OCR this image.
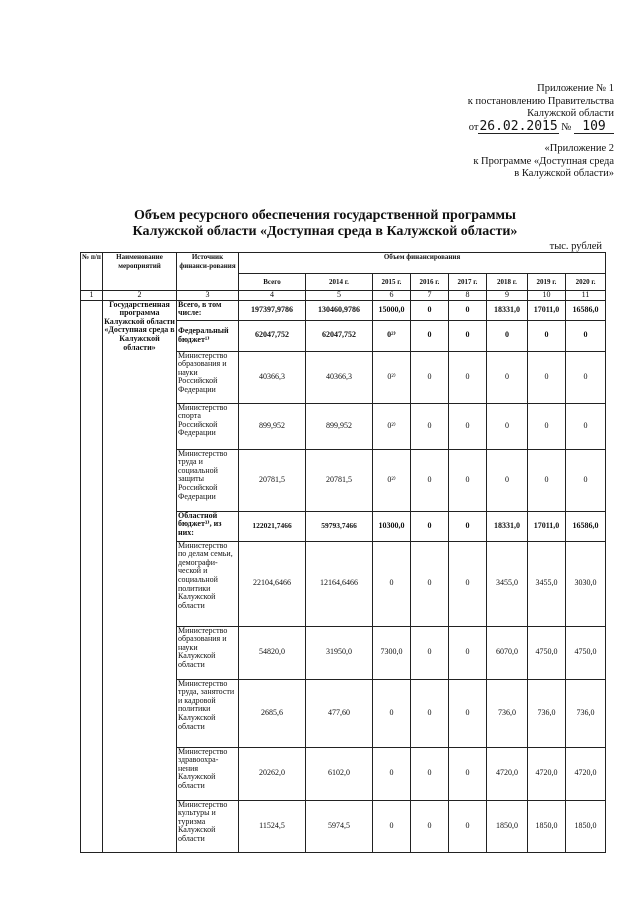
Приложение № 1
к постановлению Правительства
Калужской области
от26.02.2015 № 109
«Приложение 2
к Программе «Доступная среда
в Калужской области»
Объем ресурсного обеспечения государственной программы
Калужской области «Доступная среда в Калужской области»
тыс. рублей
№ п/п	Наименование мероприятий	Источник финанси-рования	Объем финансирования							
			Всего	2014 г.	2015 г.	2016 г.	2017 г.	2018 г.	2019 г.	2020 г.
1	2	3	4	5	6	7	8	9	10	11
	Государственная программа Калужской области «Доступная среда в Калужской области»	Всего, в том числе:	197397,9786	130460,9786	15000,0	0	0	18331,0	17011,0	16586,0
		Федеральный бюджет¹⁾	62047,752	62047,752	0²⁾	0	0	0	0	0
		Министерство образования и науки Российской Федерации	40366,3	40366,3	0²⁾	0	0	0	0	0
		Министерство спорта Российской Федерации	899,952	899,952	0²⁾	0	0	0	0	0
		Министерство труда и социальной защиты Российской Федерации	20781,5	20781,5	0²⁾	0	0	0	0	0
		Областной бюджет³⁾, из них:	122021,7466	59793,7466	10300,0	0	0	18331,0	17011,0	16586,0
		Министерство по делам семьи, демографи-ческой и социальной политики Калужской области	22104,6466	12164,6466	0	0	0	3455,0	3455,0	3030,0
		Министерство образования и науки Калужской области	54820,0	31950,0	7300,0	0	0	6070,0	4750,0	4750,0
		Министерство труда, занятости и кадровой политики Калужской области	2685,6	477,60	0	0	0	736,0	736,0	736,0
		Министерство здравоохра-нения Калужской области	20262,0	6102,0	0	0	0	4720,0	4720,0	4720,0
		Министерство культуры и туризма Калужской области	11524,5	5974,5	0	0	0	1850,0	1850,0	1850,0
